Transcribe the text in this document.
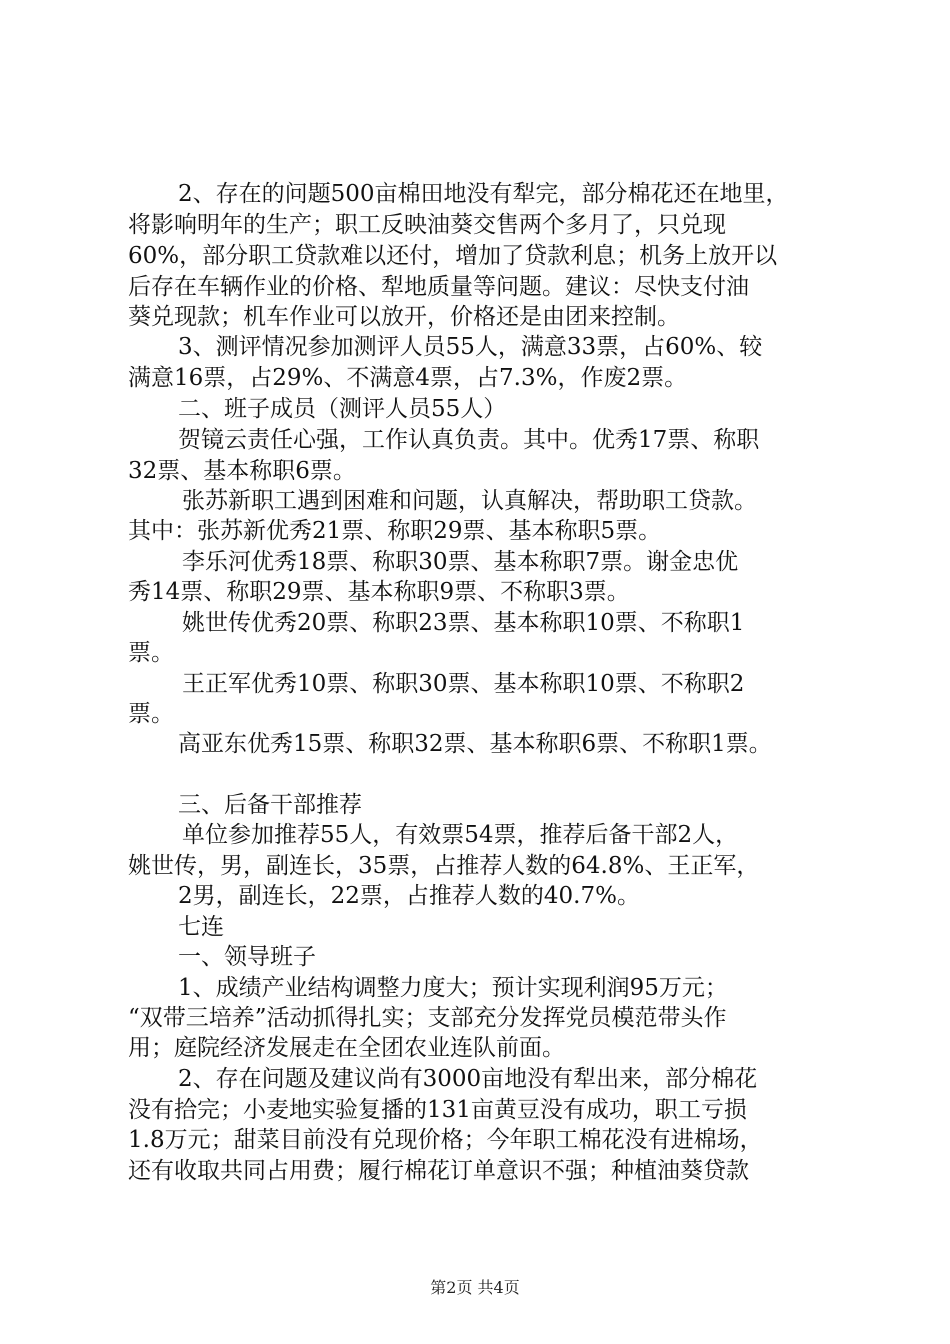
2、存在的问题500亩棉田地没有犁完，部分棉花还在地里，
将影响明年的生产；职工反映油葵交售两个多月了，只兑现
60%，部分职工贷款难以还付，增加了贷款利息；机务上放开以
后存在车辆作业的价格、犁地质量等问题。建议：尽快支付油
葵兑现款；机车作业可以放开，价格还是由团来控制。
3、测评情况参加测评人员55人，满意33票，占60%、较
满意16票，占29%、不满意4票，占7.3%，作废2票。
二、班子成员（测评人员55人）
贺镜云责任心强，工作认真负责。其中。优秀17票、称职
32票、基本称职6票。
张苏新职工遇到困难和问题，认真解决，帮助职工贷款。
其中：张苏新优秀21票、称职29票、基本称职5票。
李乐河优秀18票、称职30票、基本称职7票。谢金忠优
秀14票、称职29票、基本称职9票、不称职3票。
姚世传优秀20票、称职23票、基本称职10票、不称职1
票。
王正军优秀10票、称职30票、基本称职10票、不称职2
票。
高亚东优秀15票、称职32票、基本称职6票、不称职1票。
三、后备干部推荐
单位参加推荐55人，有效票54票，推荐后备干部2人，
姚世传，男，副连长，35票，占推荐人数的64.8%、王正军，
2男，副连长，22票，占推荐人数的40.7%。
七连
一、领导班子
1、成绩产业结构调整力度大；预计实现利润95万元；
“双带三培养”活动抓得扎实；支部充分发挥党员模范带头作
用；庭院经济发展走在全团农业连队前面。
2、存在问题及建议尚有3000亩地没有犁出来，部分棉花
没有拾完；小麦地实验复播的131亩黄豆没有成功，职工亏损
1.8万元；甜菜目前没有兑现价格；今年职工棉花没有进棉场，
还有收取共同占用费；履行棉花订单意识不强；种植油葵贷款
第2页 共4页
